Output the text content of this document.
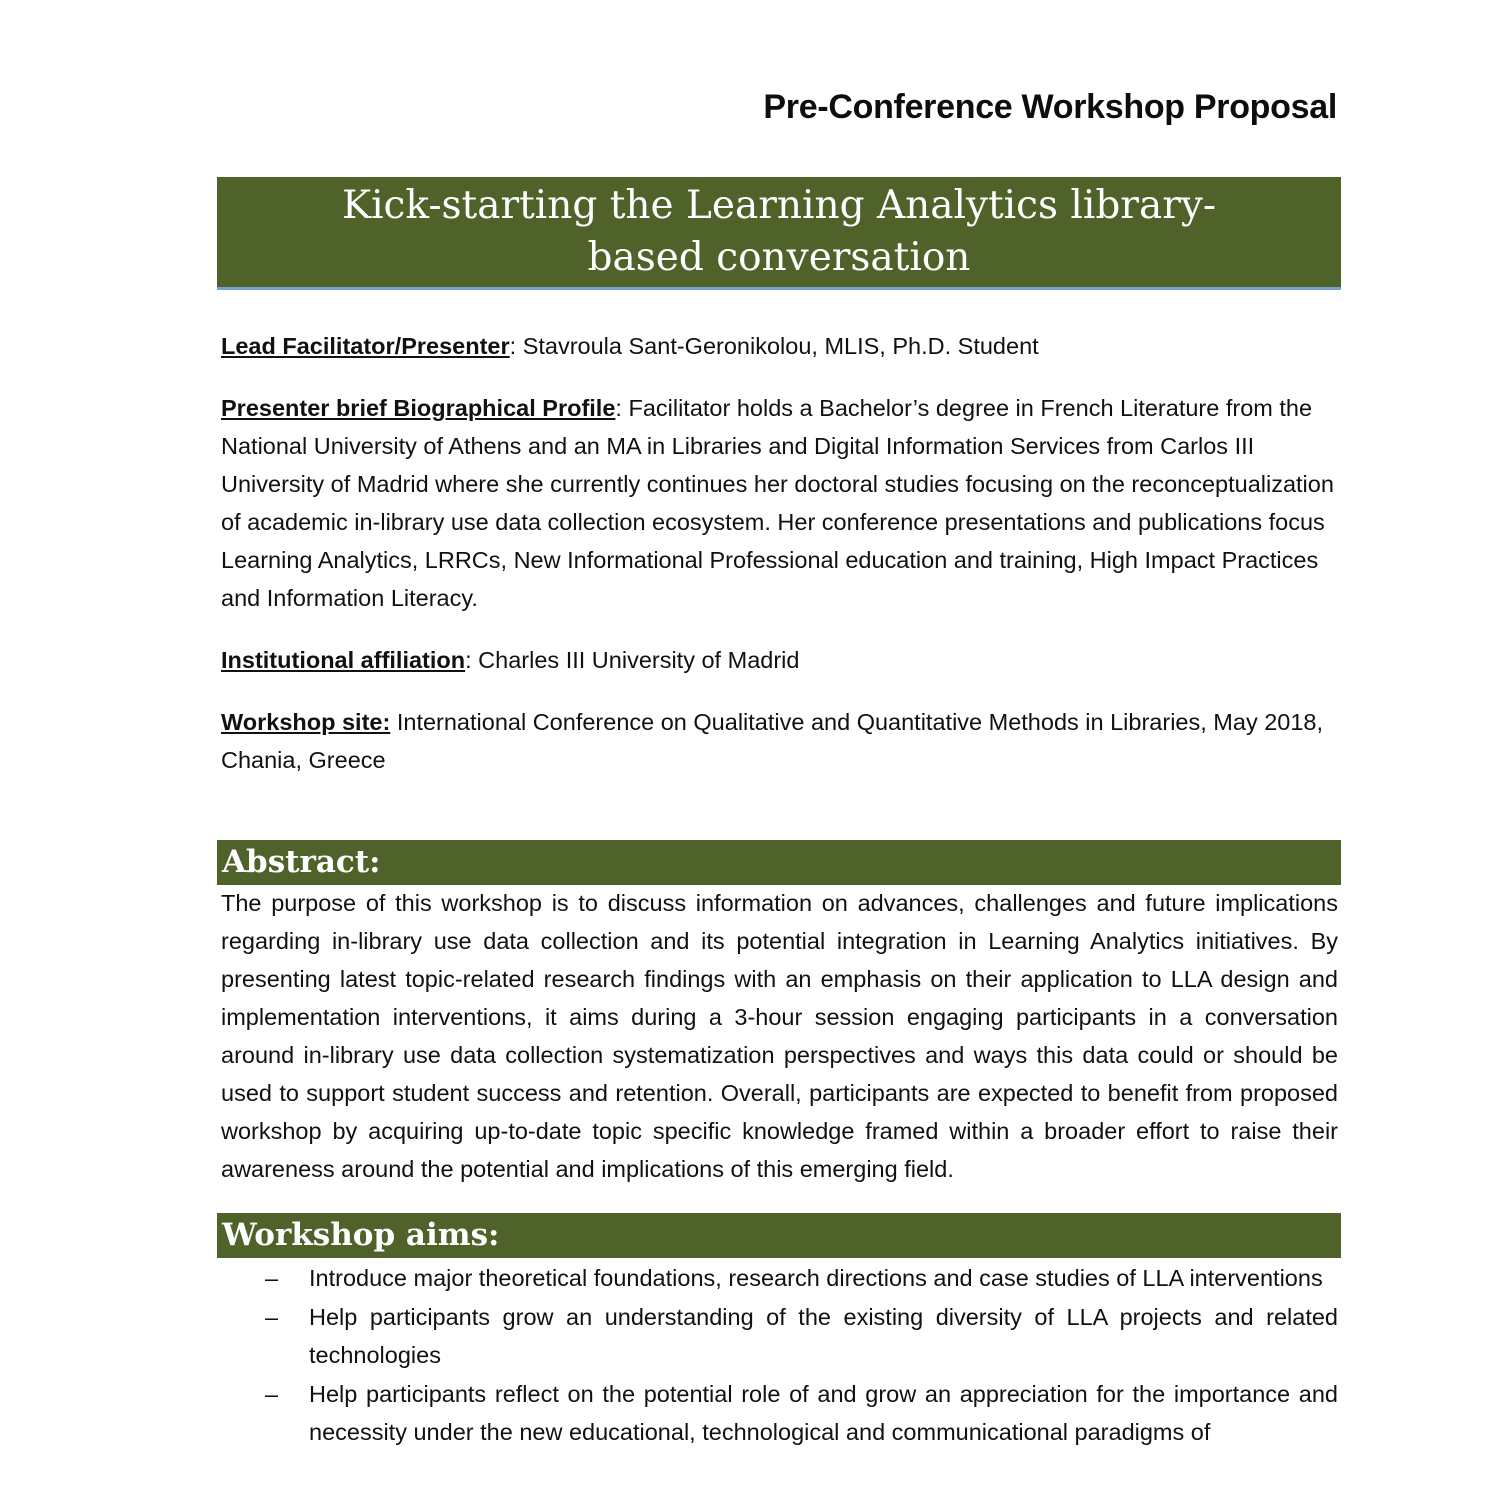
Pre-Conference Workshop Proposal
Kick-starting the Learning Analytics library-based conversation
Lead Facilitator/Presenter: Stavroula Sant-Geronikolou, MLIS, Ph.D. Student
Presenter brief Biographical Profile: Facilitator holds a Bachelor’s degree in French Literature from the National University of Athens and an MA in Libraries and Digital Information Services from Carlos III University of Madrid where she currently continues her doctoral studies focusing on the reconceptualization of academic in-library use data collection ecosystem. Her conference presentations and publications focus Learning Analytics, LRRCs, New Informational Professional education and training, High Impact Practices and Information Literacy.
Institutional affiliation: Charles III University of Madrid
Workshop site: International Conference on Qualitative and Quantitative Methods in Libraries, May 2018, Chania, Greece
Abstract:
The purpose of this workshop is to discuss information on advances, challenges and future implications regarding in-library use data collection and its potential integration in Learning Analytics initiatives. By presenting latest topic-related research findings with an emphasis on their application to LLA design and implementation interventions, it aims during a 3-hour session engaging participants in a conversation around in-library use data collection systematization perspectives and ways this data could or should be used to support student success and retention. Overall, participants are expected to benefit from proposed workshop by acquiring up-to-date topic specific knowledge framed within a broader effort to raise their awareness around the potential and implications of this emerging field.
Workshop aims:
– Introduce major theoretical foundations, research directions and case studies of LLA interventions
– Help participants grow an understanding of the existing diversity of LLA projects and related technologies
– Help participants reflect on the potential role of and grow an appreciation for the importance and necessity under the new educational, technological and communicational paradigms of
